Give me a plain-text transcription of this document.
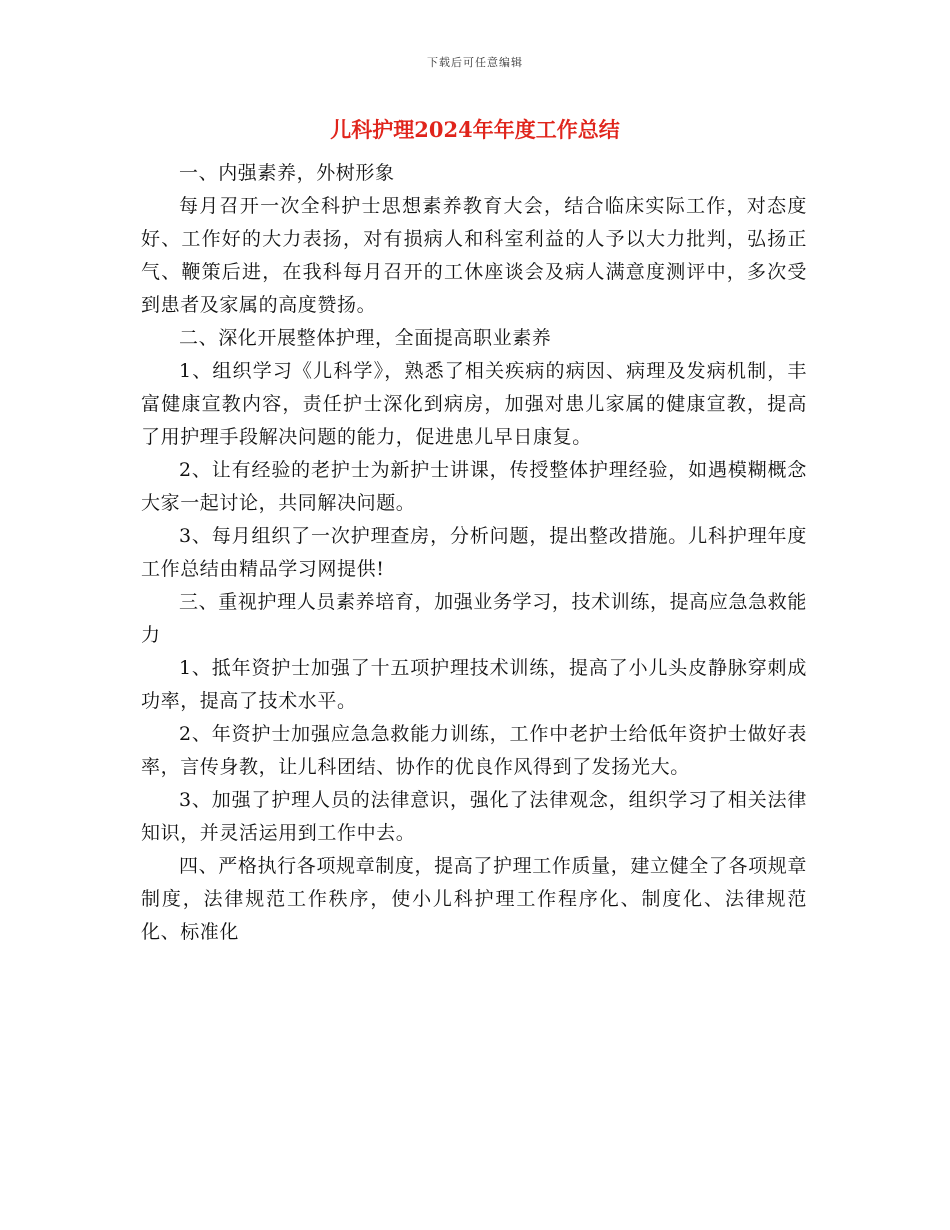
下载后可任意编辑
儿科护理2024年年度工作总结

一、内强素养，外树形象

每月召开一次全科护士思想素养教育大会，结合临床实际工作，对态度好、工作好的大力表扬，对有损病人和科室利益的人予以大力批判，弘扬正气、鞭策后进，在我科每月召开的工休座谈会及病人满意度测评中，多次受到患者及家属的高度赞扬。

二、深化开展整体护理，全面提高职业素养

1、组织学习《儿科学》，熟悉了相关疾病的病因、病理及发病机制，丰富健康宣教内容，责任护士深化到病房，加强对患儿家属的健康宣教，提高了用护理手段解决问题的能力，促进患儿早日康复。

2、让有经验的老护士为新护士讲课，传授整体护理经验，如遇模糊概念大家一起讨论，共同解决问题。

3、每月组织了一次护理查房，分析问题，提出整改措施。儿科护理年度工作总结由精品学习网提供!

三、重视护理人员素养培育，加强业务学习，技术训练，提高应急急救能力

1、抵年资护士加强了十五项护理技术训练，提高了小儿头皮静脉穿刺成功率，提高了技术水平。

2、年资护士加强应急急救能力训练，工作中老护士给低年资护士做好表率，言传身教，让儿科团结、协作的优良作风得到了发扬光大。

3、加强了护理人员的法律意识，强化了法律观念，组织学习了相关法律知识，并灵活运用到工作中去。

四、严格执行各项规章制度，提高了护理工作质量，建立健全了各项规章制度，法律规范工作秩序，使小儿科护理工作程序化、制度化、法律规范化、标准化
